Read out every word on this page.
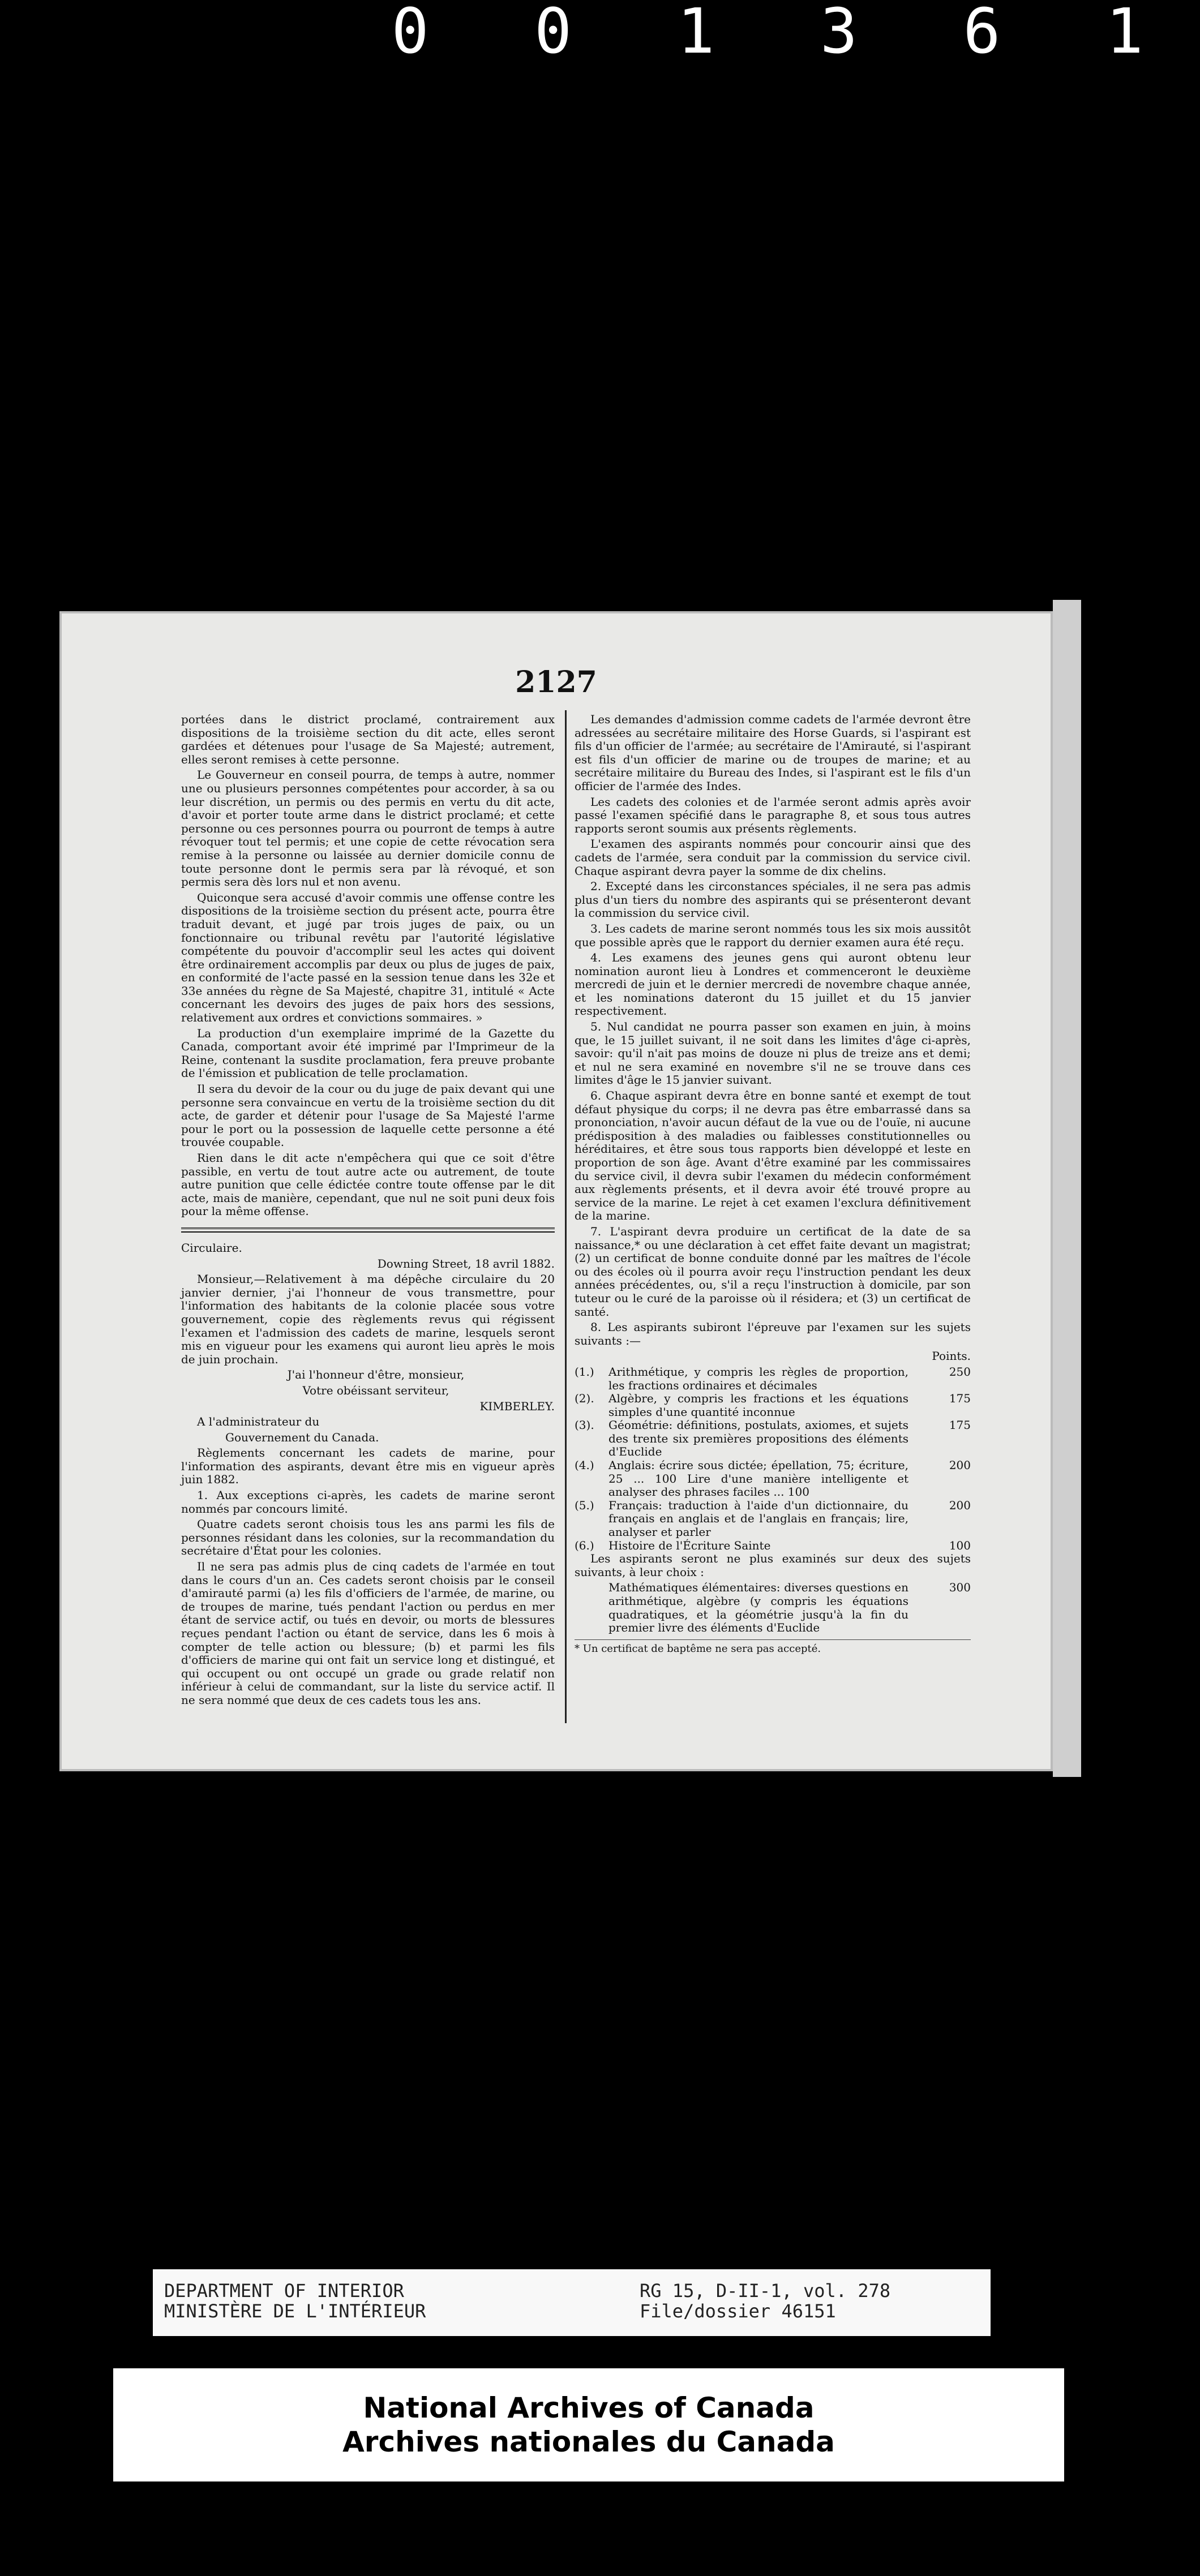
0 0 1 3 6 1
2127

portées dans le district proclamé, contrairement aux dispositions de la troisième section du dit acte, elles seront gardées et détenues pour l'usage de Sa Majesté; autrement, elles seront remises à cette personne.

Le Gouverneur en conseil pourra, de temps à autre, nommer une ou plusieurs personnes compétentes pour accorder, à sa ou leur discrétion, un permis ou des permis en vertu du dit acte, d'avoir et porter toute arme dans le district proclamé; et cette personne ou ces personnes pourra ou pourront de temps à autre révoquer tout tel permis; et une copie de cette révocation sera remise à la personne ou laissée au dernier domicile connu de toute personne dont le permis sera par là révoqué, et son permis sera dès lors nul et non avenu.

Quiconque sera accusé d'avoir commis une offense contre les dispositions de la troisième section du présent acte, pourra être traduit devant, et jugé par trois juges de paix, ou un fonctionnaire ou tribunal revêtu par l'autorité législative compétente du pouvoir d'accomplir seul les actes qui doivent être ordinairement accomplis par deux ou plus de juges de paix, en conformité de l'acte passé en la session tenue dans les 32e et 33e années du règne de Sa Majesté, chapitre 31, intitulé « Acte concernant les devoirs des juges de paix hors des sessions, relativement aux ordres et convictions sommaires. »

La production d'un exemplaire imprimé de la Gazette du Canada, comportant avoir été imprimé par l'Imprimeur de la Reine, contenant la susdite proclamation, fera preuve probante de l'émission et publication de telle proclamation.

Il sera du devoir de la cour ou du juge de paix devant qui une personne sera convaincue en vertu de la troisième section du dit acte, de garder et détenir pour l'usage de Sa Majesté l'arme pour le port ou la possession de laquelle cette personne a été trouvée coupable.

Rien dans le dit acte n'empêchera qui que ce soit d'être passible, en vertu de tout autre acte ou autrement, de toute autre punition que celle édictée contre toute offense par le dit acte, mais de manière, cependant, que nul ne soit puni deux fois pour la même offense.

Circulaire.

Downing Street, 18 avril 1882.

Monsieur,—Relativement à ma dépêche circulaire du 20 janvier dernier, j'ai l'honneur de vous transmettre, pour l'information des habitants de la colonie placée sous votre gouvernement, copie des règlements revus qui régissent l'examen et l'admission des cadets de marine, lesquels seront mis en vigueur pour les examens qui auront lieu après le mois de juin prochain.

J'ai l'honneur d'être, monsieur,

Votre obéissant serviteur,

KIMBERLEY.

A l'administrateur du

Gouvernement du Canada.

Règlements concernant les cadets de marine, pour l'information des aspirants, devant être mis en vigueur après juin 1882.

1. Aux exceptions ci-après, les cadets de marine seront nommés par concours limité.

Quatre cadets seront choisis tous les ans parmi les fils de personnes résidant dans les colonies, sur la recommandation du secrétaire d'État pour les colonies.

Il ne sera pas admis plus de cinq cadets de l'armée en tout dans le cours d'un an. Ces cadets seront choisis par le conseil d'amirauté parmi (a) les fils d'officiers de l'armée, de marine, ou de troupes de marine, tués pendant l'action ou perdus en mer étant de service actif, ou tués en devoir, ou morts de blessures reçues pendant l'action ou étant de service, dans les 6 mois à compter de telle action ou blessure; (b) et parmi les fils d'officiers de marine qui ont fait un service long et distingué, et qui occupent ou ont occupé un grade ou grade relatif non inférieur à celui de commandant, sur la liste du service actif. Il ne sera nommé que deux de ces cadets tous les ans.

Les demandes d'admission comme cadets de l'armée devront être adressées au secrétaire militaire des Horse Guards, si l'aspirant est fils d'un officier de l'armée; au secrétaire de l'Amirauté, si l'aspirant est fils d'un officier de marine ou de troupes de marine; et au secrétaire militaire du Bureau des Indes, si l'aspirant est le fils d'un officier de l'armée des Indes.

Les cadets des colonies et de l'armée seront admis après avoir passé l'examen spécifié dans le paragraphe 8, et sous tous autres rapports seront soumis aux présents règlements.

L'examen des aspirants nommés pour concourir ainsi que des cadets de l'armée, sera conduit par la commission du service civil. Chaque aspirant devra payer la somme de dix chelins.

2. Excepté dans les circonstances spéciales, il ne sera pas admis plus d'un tiers du nombre des aspirants qui se présenteront devant la commission du service civil.

3. Les cadets de marine seront nommés tous les six mois aussitôt que possible après que le rapport du dernier examen aura été reçu.

4. Les examens des jeunes gens qui auront obtenu leur nomination auront lieu à Londres et commenceront le deuxième mercredi de juin et le dernier mercredi de novembre chaque année, et les nominations dateront du 15 juillet et du 15 janvier respectivement.

5. Nul candidat ne pourra passer son examen en juin, à moins que, le 15 juillet suivant, il ne soit dans les limites d'âge ci-après, savoir: qu'il n'ait pas moins de douze ni plus de treize ans et demi; et nul ne sera examiné en novembre s'il ne se trouve dans ces limites d'âge le 15 janvier suivant.

6. Chaque aspirant devra être en bonne santé et exempt de tout défaut physique du corps; il ne devra pas être embarrassé dans sa prononciation, n'avoir aucun défaut de la vue ou de l'ouïe, ni aucune prédisposition à des maladies ou faiblesses constitutionnelles ou héréditaires, et être sous tous rapports bien développé et leste en proportion de son âge. Avant d'être examiné par les commissaires du service civil, il devra subir l'examen du médecin conformément aux règlements présents, et il devra avoir été trouvé propre au service de la marine. Le rejet à cet examen l'exclura définitivement de la marine.

7. L'aspirant devra produire un certificat de la date de sa naissance,* ou une déclaration à cet effet faite devant un magistrat; (2) un certificat de bonne conduite donné par les maîtres de l'école ou des écoles où il pourra avoir reçu l'instruction pendant les deux années précédentes, ou, s'il a reçu l'instruction à domicile, par son tuteur ou le curé de la paroisse où il résidera; et (3) un certificat de santé.

8. Les aspirants subiront l'épreuve par l'examen sur les sujets suivants :—

Points.
(1.)	Arithmétique, y compris les règles de proportion, les fractions ordinaires et décimales	250
(2).	Algèbre, y compris les fractions et les équations simples d'une quantité inconnue	175
(3).	Géométrie: définitions, postulats, axiomes, et sujets des trente six premières propositions des éléments d'Euclide	175
(4.)	Anglais: écrire sous dictée; épellation, 75; écriture, 25 ... 100 Lire d'une manière intelligente et analyser des phrases faciles ... 100	200
(5.)	Français: traduction à l'aide d'un dictionnaire, du français en anglais et de l'anglais en français; lire, analyser et parler	200
(6.)	Histoire de l'Écriture Sainte	100

Les aspirants seront ne plus examinés sur deux des sujets suivants, à leur choix :

	Mathématiques élémentaires: diverses questions en arithmétique, algèbre (y compris les équations quadratiques, et la géométrie jusqu'à la fin du premier livre des éléments d'Euclide	300
* Un certificat de baptême ne sera pas accepté.
DEPARTMENT OF INTERIOR
MINISTÈRE DE L'INTÉRIEUR
RG 15, D-II-1, vol. 278
File/dossier 46151
National Archives of Canada
Archives nationales du Canada
